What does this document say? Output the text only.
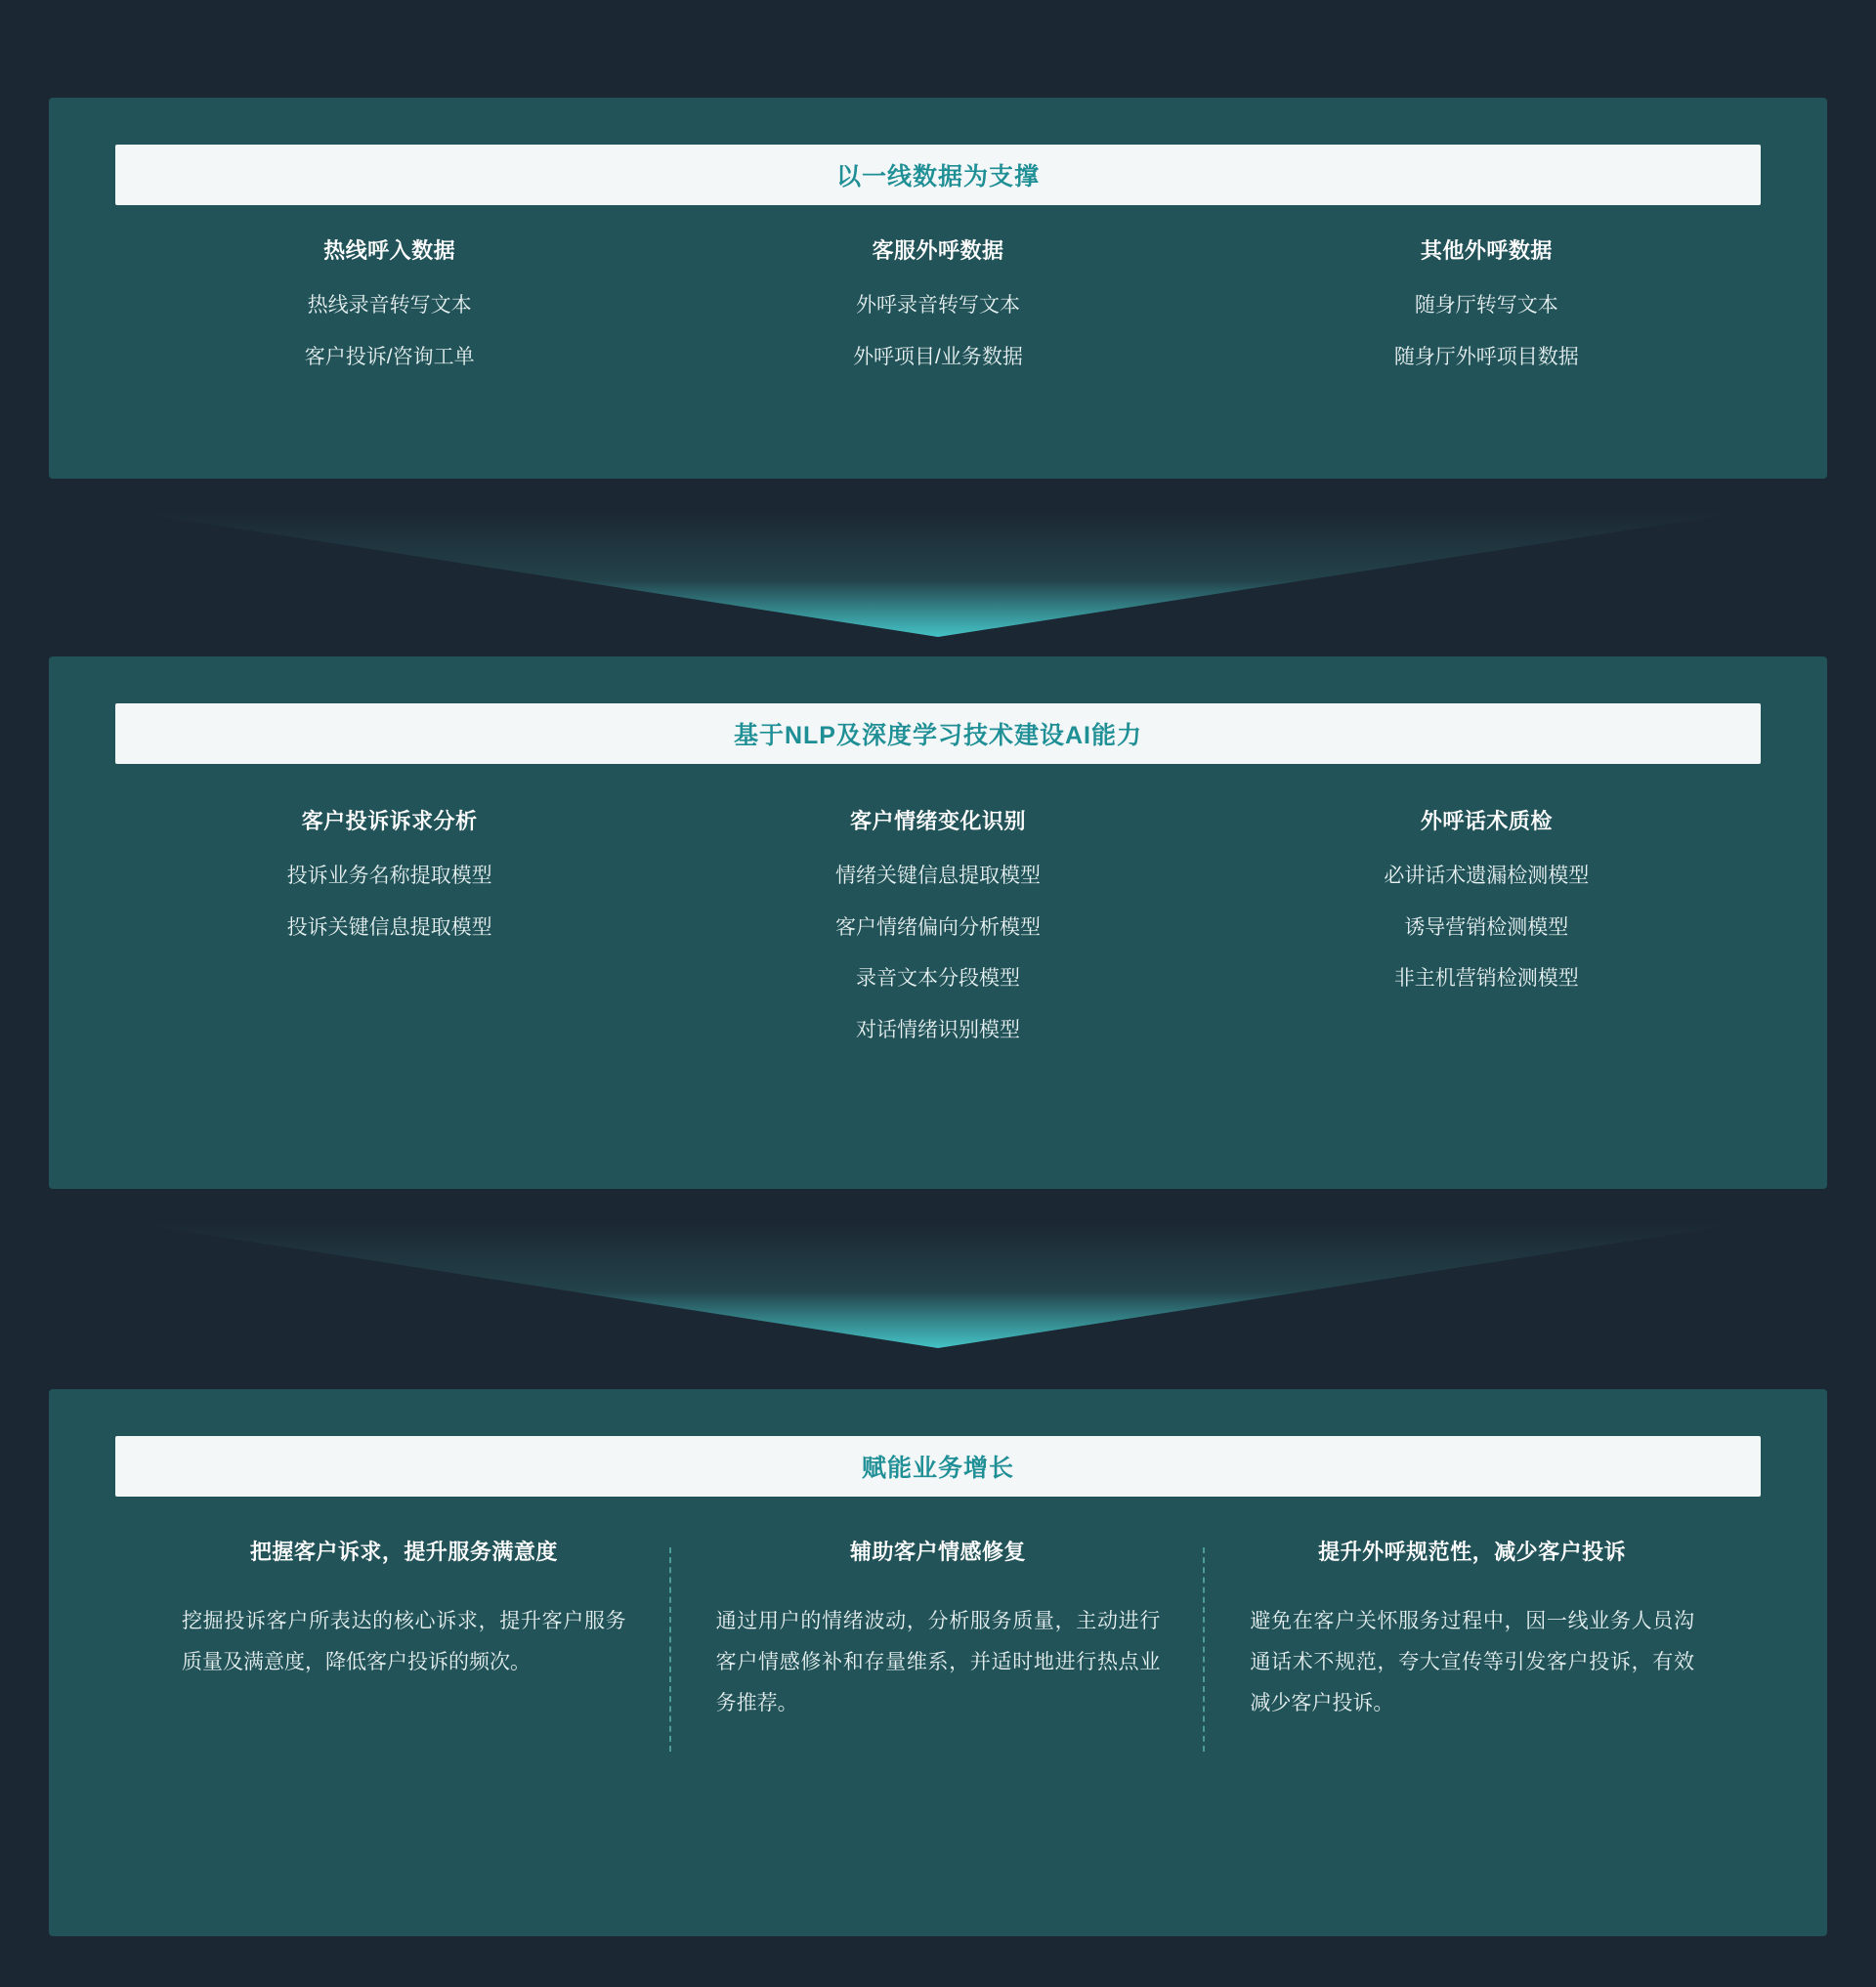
以一线数据为支撑
热线呼入数据
热线录音转写文本
客户投诉/咨询工单
客服外呼数据
外呼录音转写文本
外呼项目/业务数据
其他外呼数据
随身厅转写文本
随身厅外呼项目数据
基于NLP及深度学习技术建设AI能力
客户投诉诉求分析
投诉业务名称提取模型
投诉关键信息提取模型
客户情绪变化识别
情绪关键信息提取模型
客户情绪偏向分析模型
录音文本分段模型
对话情绪识别模型
外呼话术质检
必讲话术遗漏检测模型
诱导营销检测模型
非主机营销检测模型
赋能业务增长
把握客户诉求，提升服务满意度
挖掘投诉客户所表达的核心诉求，提升客户服务质量及满意度，降低客户投诉的频次。
辅助客户情感修复
通过用户的情绪波动，分析服务质量，主动进行客户情感修补和存量维系，并适时地进行热点业务推荐。
提升外呼规范性，减少客户投诉
避免在客户关怀服务过程中，因一线业务人员沟通话术不规范，夸大宣传等引发客户投诉，有效减少客户投诉。
